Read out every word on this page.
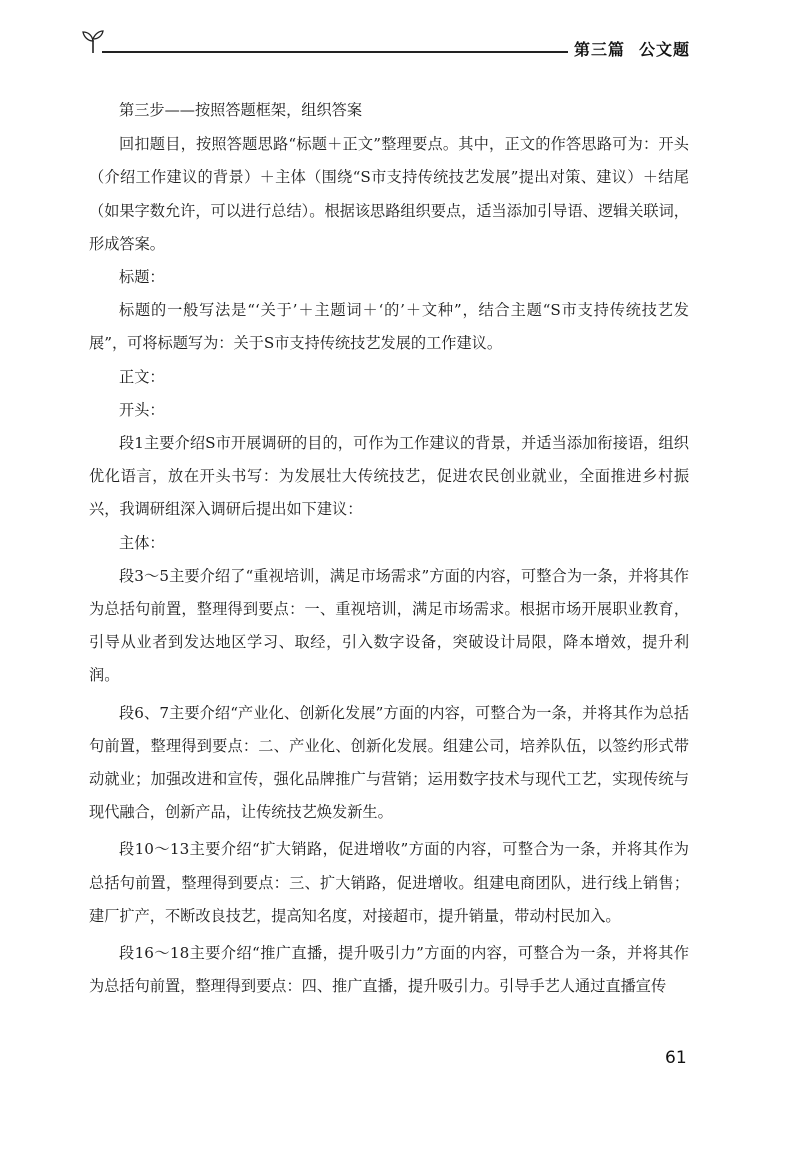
第三篇 公文题

第三步——按照答题框架，组织答案

回扣题目，按照答题思路“标题＋正文”整理要点。其中，正文的作答思路可为：开头（介绍工作建议的背景）＋主体（围绕“S市支持传统技艺发展”提出对策、建议）＋结尾（如果字数允许，可以进行总结）。根据该思路组织要点，适当添加引导语、逻辑关联词，形成答案。

标题：

标题的一般写法是“‘关于’＋主题词＋‘的’＋文种”，结合主题“S市支持传统技艺发展”，可将标题写为：关于S市支持传统技艺发展的工作建议。

正文：

开头：

段1主要介绍S市开展调研的目的，可作为工作建议的背景，并适当添加衔接语，组织优化语言，放在开头书写：为发展壮大传统技艺，促进农民创业就业，全面推进乡村振兴，我调研组深入调研后提出如下建议：

主体：

段3～5主要介绍了“重视培训，满足市场需求”方面的内容，可整合为一条，并将其作为总括句前置，整理得到要点：一、重视培训，满足市场需求。根据市场开展职业教育，引导从业者到发达地区学习、取经，引入数字设备，突破设计局限，降本增效，提升利润。

段6、7主要介绍“产业化、创新化发展”方面的内容，可整合为一条，并将其作为总括句前置，整理得到要点：二、产业化、创新化发展。组建公司，培养队伍，以签约形式带动就业；加强改进和宣传，强化品牌推广与营销；运用数字技术与现代工艺，实现传统与现代融合，创新产品，让传统技艺焕发新生。

段10～13主要介绍“扩大销路，促进增收”方面的内容，可整合为一条，并将其作为总括句前置，整理得到要点：三、扩大销路，促进增收。组建电商团队，进行线上销售；建厂扩产，不断改良技艺，提高知名度，对接超市，提升销量，带动村民加入。

段16～18主要介绍“推广直播，提升吸引力”方面的内容，可整合为一条，并将其作为总括句前置，整理得到要点：四、推广直播，提升吸引力。引导手艺人通过直播宣传

61
